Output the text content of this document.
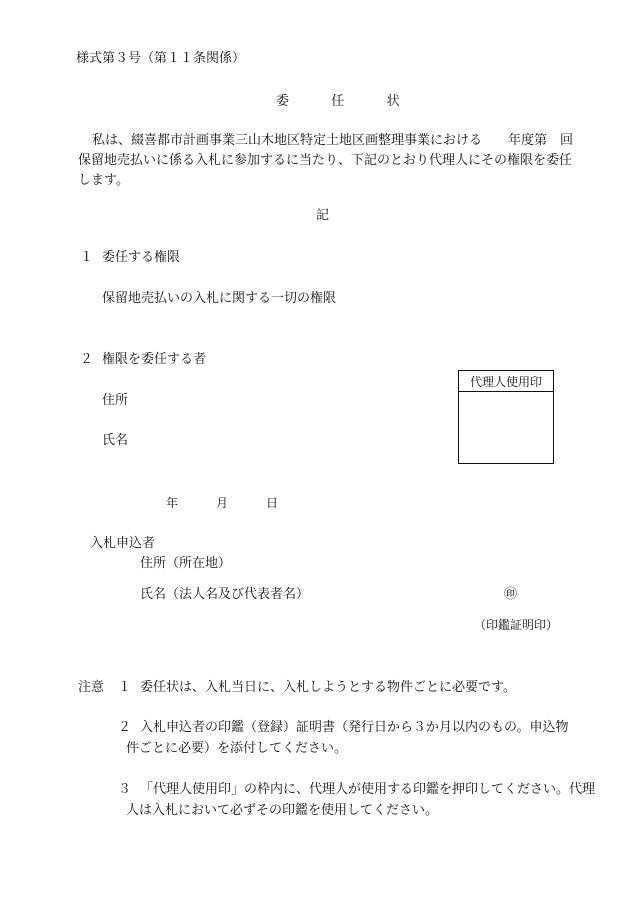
様式第３号（第１１条関係）
委	任	状
私は、綴喜都市計画事業三山木地区特定土地区画整理事業における　　年度第　回
保留地売払いに係る入札に参加するに当たり、下記のとおり代理人にその権限を委任
します。
記
１ 委任する権限
保留地売払いの入札に関する一切の権限
２ 権限を委任する者
住所
氏名
代理人使用印
年	月	日
入札申込者
住所（所在地）
氏名（法人名及び代表者名）	㊞
（印鑑証明印）
注意 １ 委任状は、入札当日に、入札しようとする物件ごとに必要です。
２ 入札申込者の印鑑（登録）証明書（発行日から３か月以内のもの。申込物
件ごとに必要）を添付してください。
３ 「代理人使用印」の枠内に、代理人が使用する印鑑を押印してください。代理
人は入札において必ずその印鑑を使用してください。
